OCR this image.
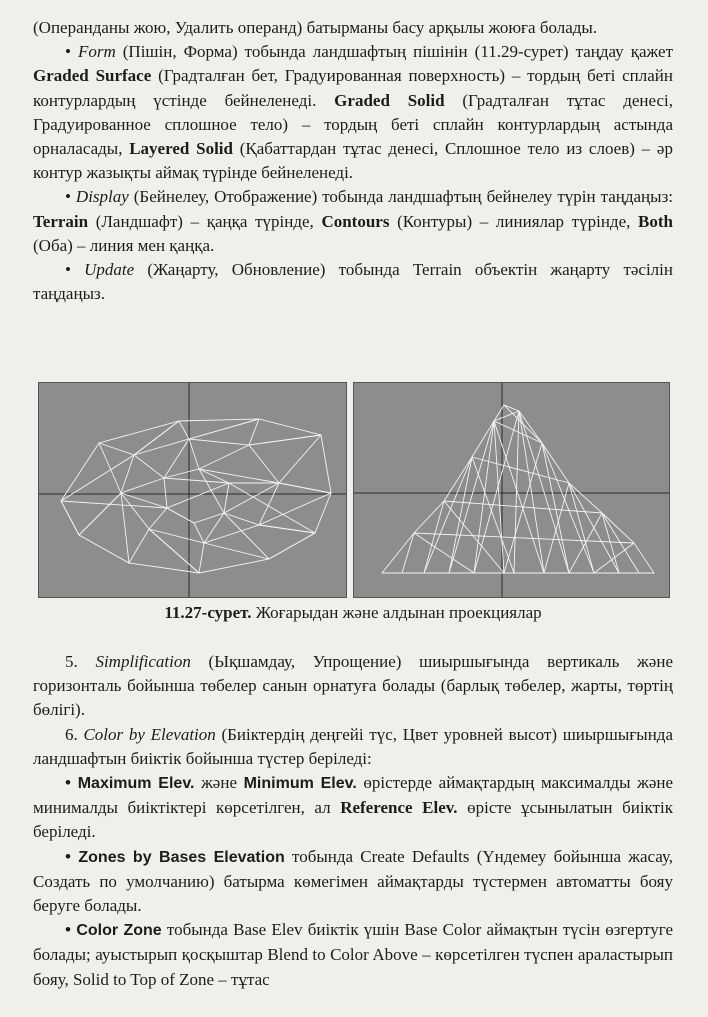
(Операнданы жою, Удалить операнд) батырманы басу арқылы жоюға болады.

• Form (Пішін, Форма) тобында ландшафтың пішінін (11.29-сурет) таңдау қажет Graded Surface (Градталған бет, Градуированная поверхность) – тордың беті сплайн контурлардың үстінде бейнеленеді. Graded Solid (Градталған тұтас денесі, Градуированное сплошное тело) – тордың беті сплайн контурлардың астында орналасады, Layered Solid (Қабаттардан тұтас денесі, Сплошное тело из слоев) – әр контур жазықты аймақ түрінде бейнеленеді.

• Display (Бейнелеу, Отображение) тобында ландшафтың бейнелеу түрін таңдаңыз: Terrain (Ландшафт) – қаңқа түрінде, Contours (Контуры) – линиялар түрінде, Both (Оба) – линия мен қаңқа.

• Update (Жаңарту, Обновление) тобында Terrain объектін жаңарту тәсілін таңдаңыз.

11.27-сурет. Жоғарыдан және алдынан проекциялар

5. Simplification (Ықшамдау, Упрощение) шиыршығында вертикаль және горизонталь бойынша төбелер санын орнатуға болады (барлық төбелер, жарты, төртің бөлігі).

6. Color by Elevation (Биіктердің деңгейі түс, Цвет уровней высот) шиыршығында ландшафтын биіктік бойынша түстер беріледі:

• Maximum Elev. және Minimum Elev. өрістерде аймақтардың максималды және минималды биіктіктері көрсетілген, ал Reference Elev. өрісте ұсынылатын биіктік беріледі.

• Zones by Bases Elevation тобында Create Defaults (Үндемеу бойынша жасау, Создать по умолчанию) батырма көмегімен аймақтарды түстермен автоматты бояу беруге болады.

• Color Zone тобында Base Elev биіктік үшін Base Color аймақтын түсін өзгертуге болады; ауыстырып қосқыштар Blend to Color Above – көрсетілген түспен араластырып бояу, Solid to Top of Zone – тұтас
